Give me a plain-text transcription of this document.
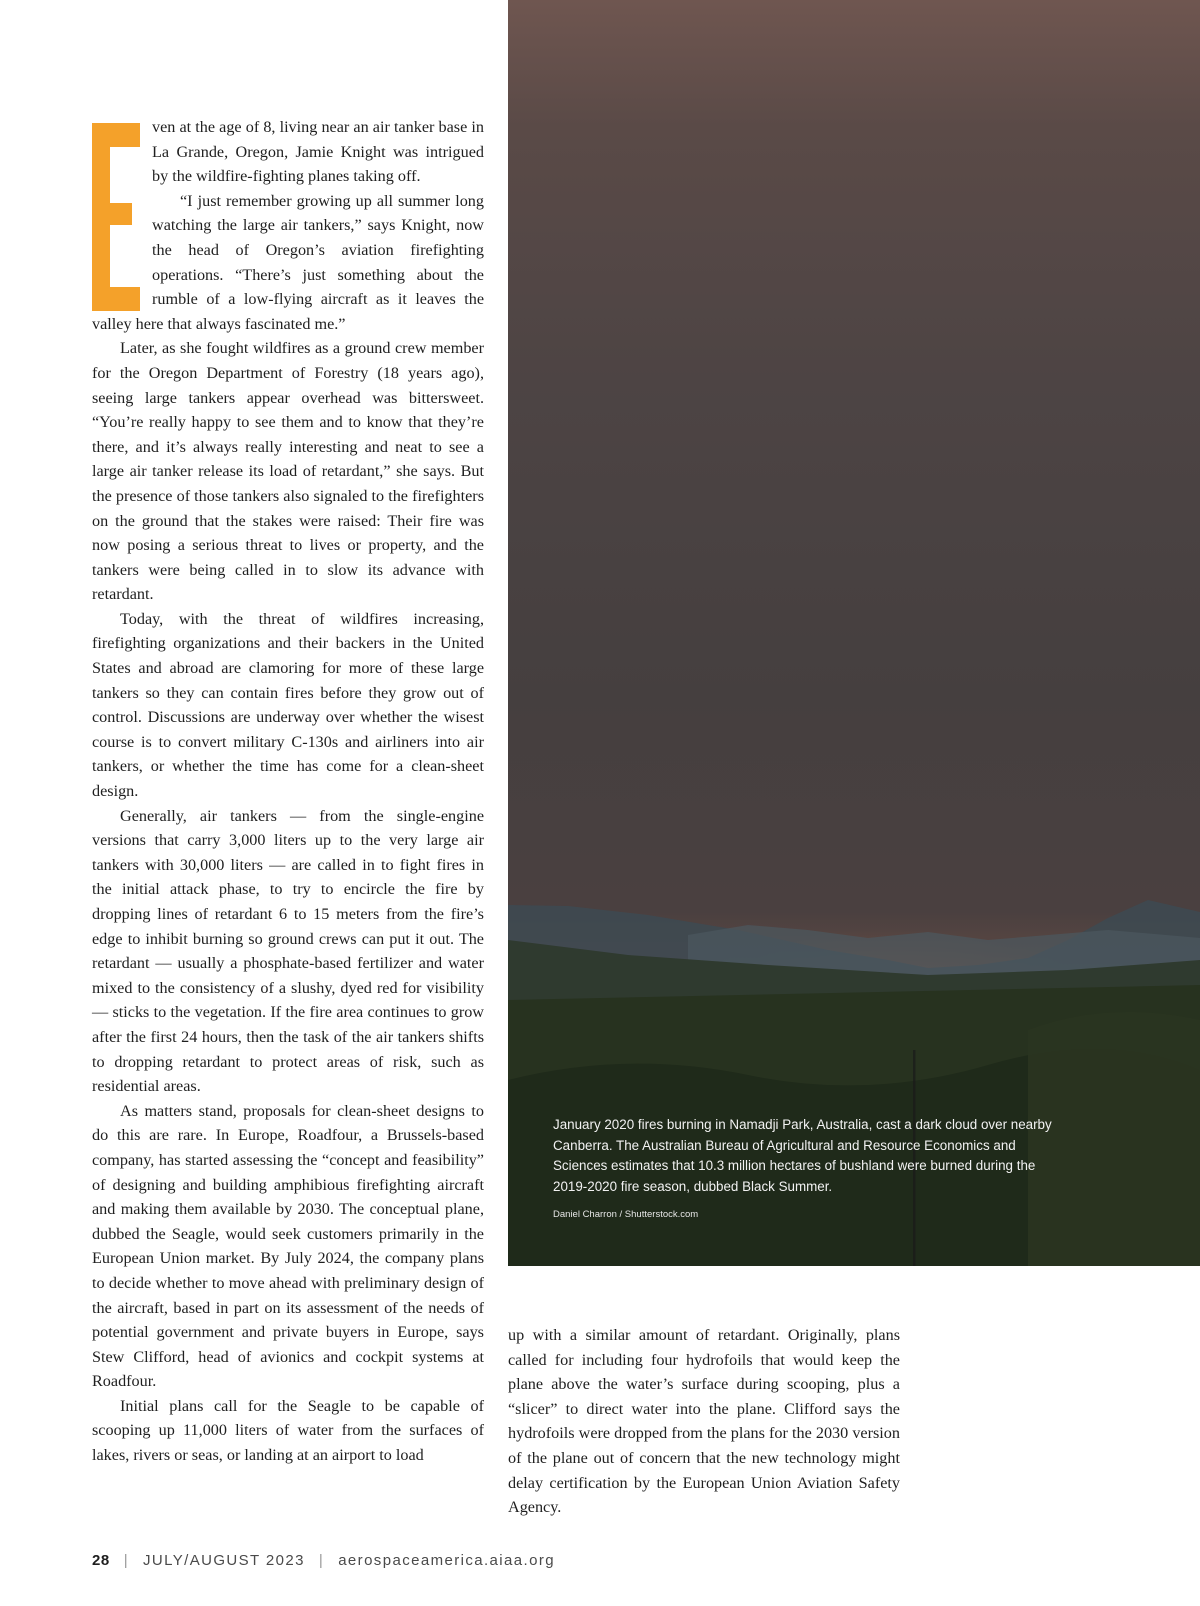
January 2020 fires burning in Namadji Park, Australia, cast a dark cloud over nearby Canberra. The Australian Bureau of Agricultural and Resource Economics and Sciences estimates that 10.3 million hectares of bushland were burned during the 2019-2020 fire season, dubbed Black Summer.
Daniel Charron / Shutterstock.com

ven at the age of 8, living near an air tanker base in La Grande, Oregon, Jamie Knight was intrigued by the wildfire-fighting planes taking off.

“I just remember growing up all summer long watching the large air tankers,” says Knight, now the head of Oregon’s aviation firefighting operations. “There’s just something about the rumble of a low-flying aircraft as it leaves the valley here that always fascinated me.”

Later, as she fought wildfires as a ground crew member for the Oregon Department of Forestry (18 years ago), seeing large tankers appear overhead was bittersweet. “You’re really happy to see them and to know that they’re there, and it’s always really interesting and neat to see a large air tanker release its load of retardant,” she says. But the presence of those tankers also signaled to the firefighters on the ground that the stakes were raised: Their fire was now posing a serious threat to lives or property, and the tankers were being called in to slow its advance with retardant.

Today, with the threat of wildfires increasing, firefighting organizations and their backers in the United States and abroad are clamoring for more of these large tankers so they can contain fires before they grow out of control. Discussions are underway over whether the wisest course is to convert military C-130s and airliners into air tankers, or whether the time has come for a clean-sheet design.

Generally, air tankers — from the single-engine versions that carry 3,000 liters up to the very large air tankers with 30,000 liters — are called in to fight fires in the initial attack phase, to try to encircle the fire by dropping lines of retardant 6 to 15 meters from the fire’s edge to inhibit burning so ground crews can put it out. The retardant — usually a phosphate-based fertilizer and water mixed to the consistency of a slushy, dyed red for visibility — sticks to the vegetation. If the fire area continues to grow after the first 24 hours, then the task of the air tankers shifts to dropping retardant to protect areas of risk, such as residential areas.

As matters stand, proposals for clean-sheet designs to do this are rare. In Europe, Roadfour, a Brussels-based company, has started assessing the “concept and feasibility” of designing and building amphibious firefighting aircraft and making them available by 2030. The conceptual plane, dubbed the Seagle, would seek customers primarily in the European Union market. By July 2024, the company plans to decide whether to move ahead with preliminary design of the aircraft, based in part on its assessment of the needs of potential government and private buyers in Europe, says Stew Clifford, head of avionics and cockpit systems at Roadfour.

Initial plans call for the Seagle to be capable of scooping up 11,000 liters of water from the surfaces of lakes, rivers or seas, or landing at an airport to load

up with a similar amount of retardant. Originally, plans called for including four hydrofoils that would keep the plane above the water’s surface during scooping, plus a “slicer” to direct water into the plane. Clifford says the hydrofoils were dropped from the plans for the 2030 version of the plane out of concern that the new technology might delay certification by the European Union Aviation Safety Agency.

28 | JULY/AUGUST 2023 | aerospaceamerica.aiaa.org
